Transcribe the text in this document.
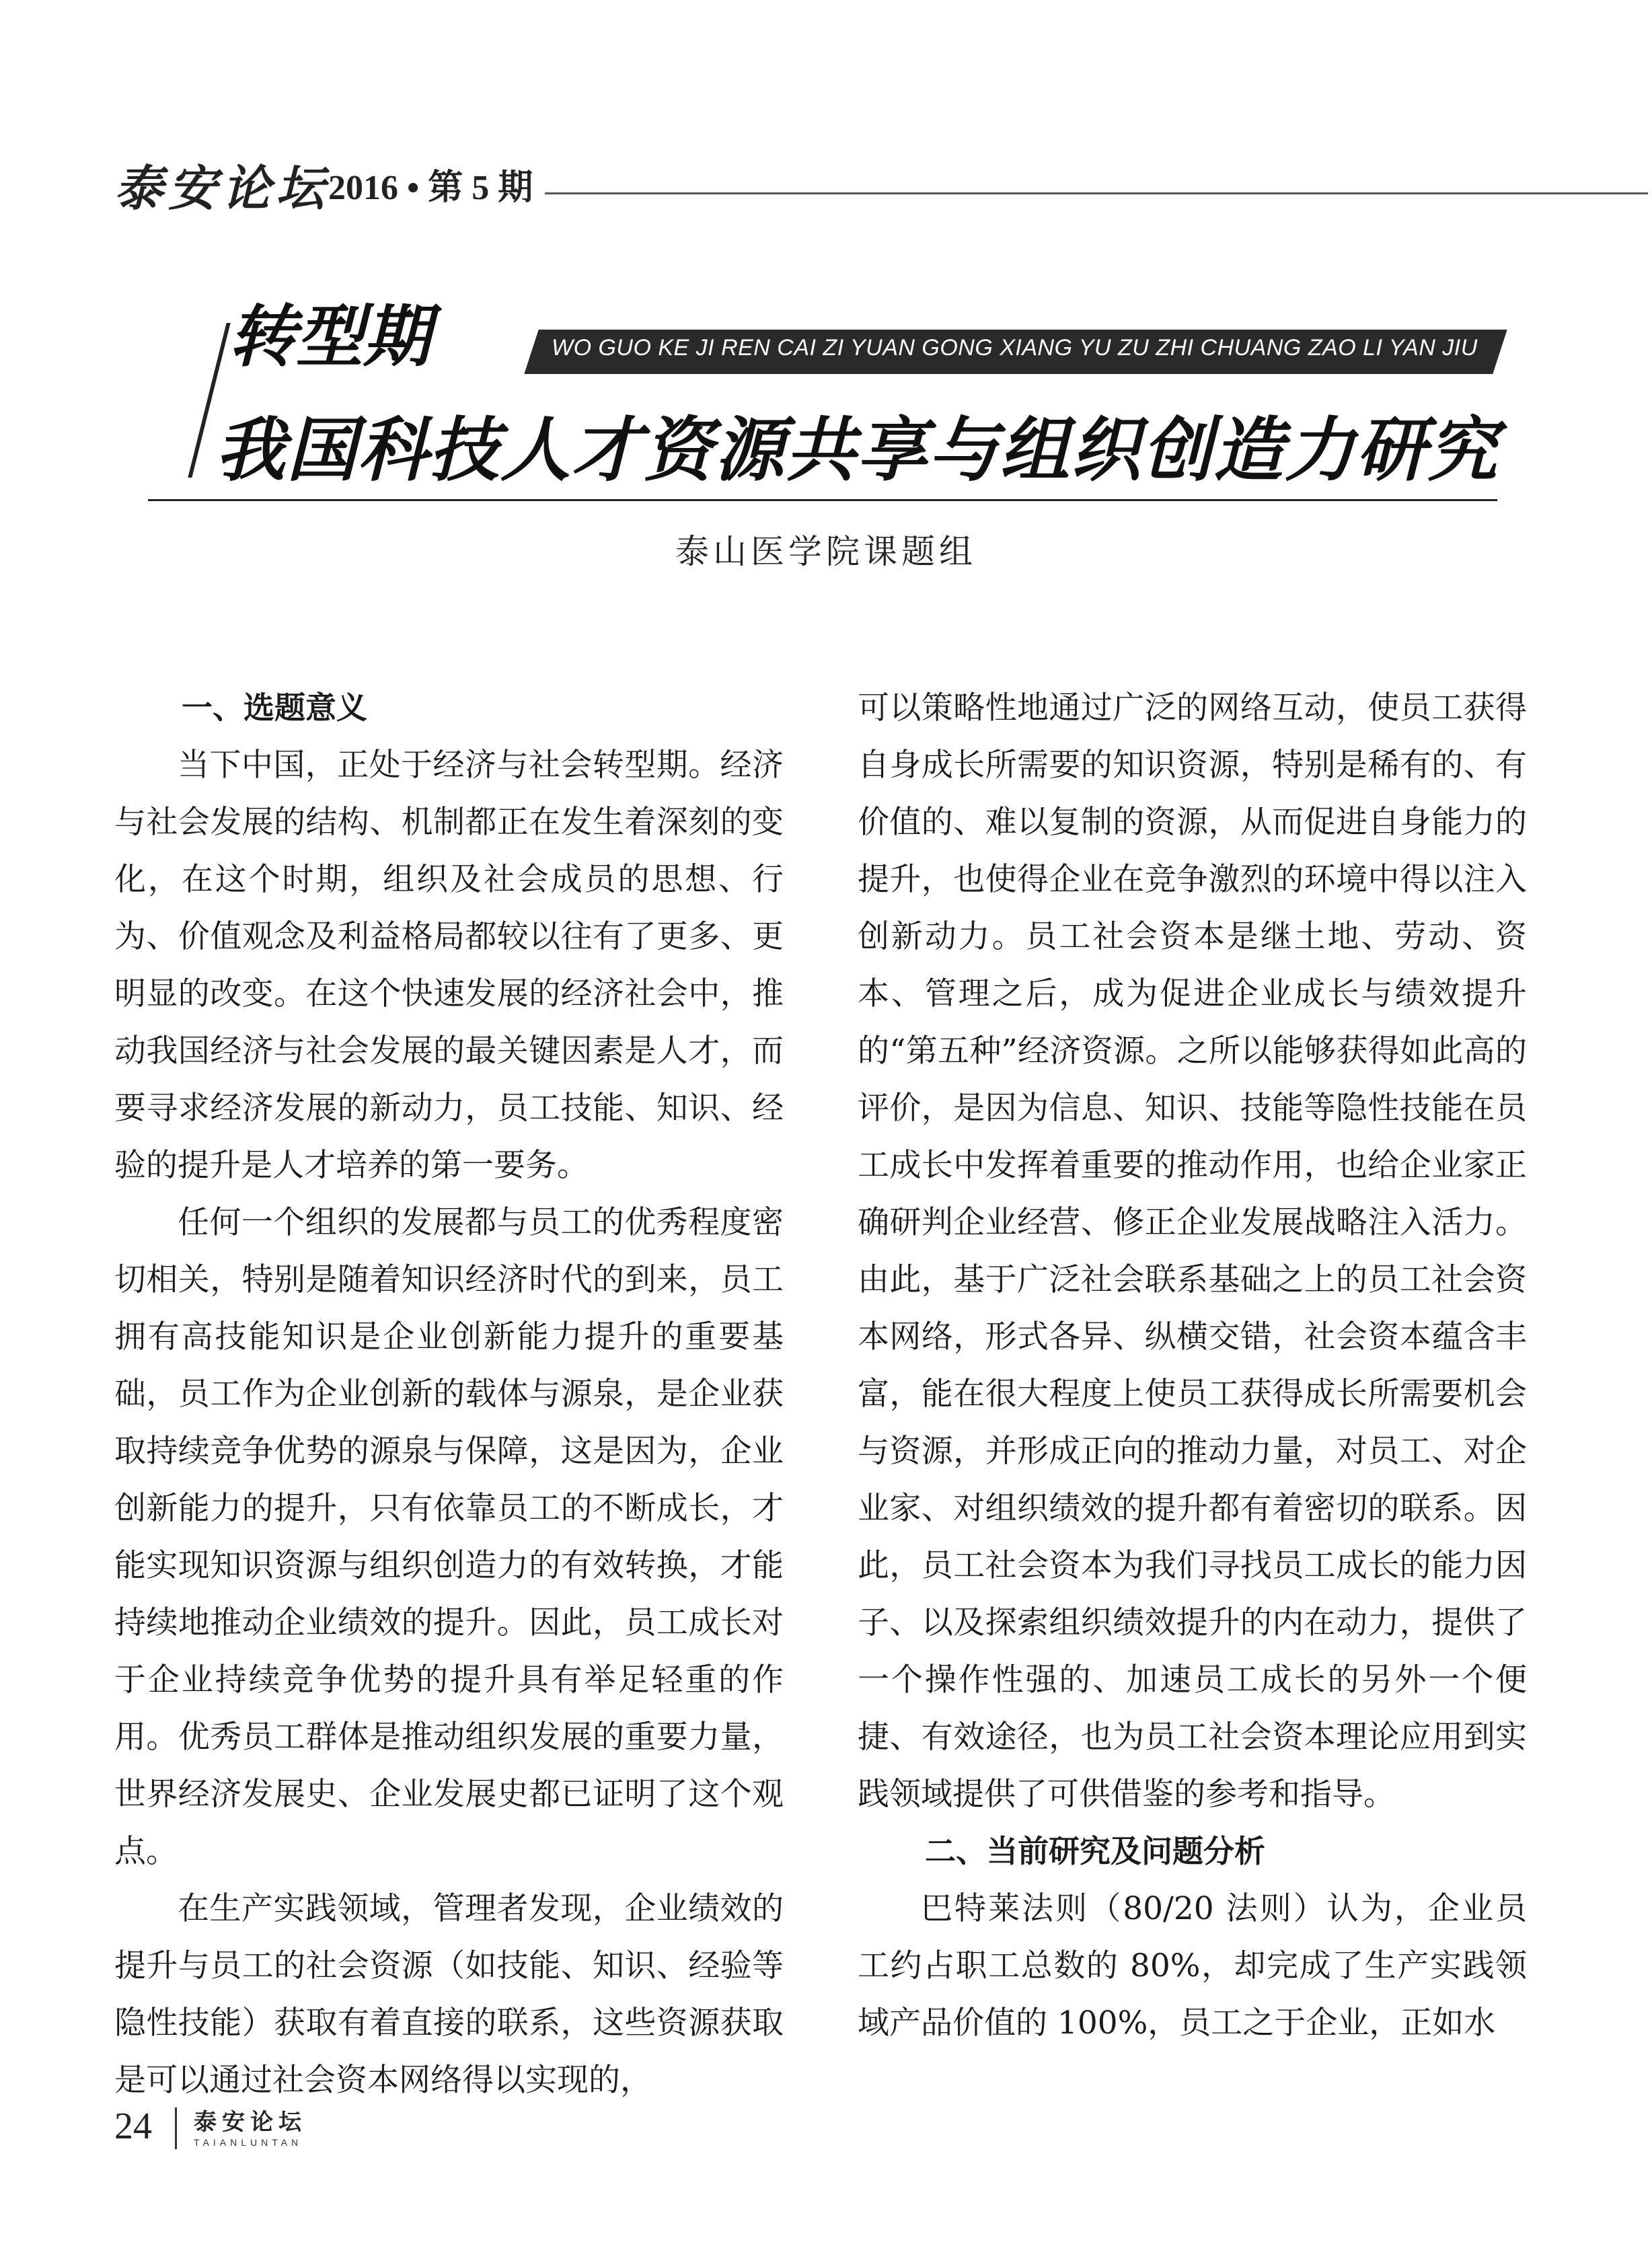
泰安论坛
2016 • 第 5 期
转型期	WO GUO KE JI REN CAI ZI YUAN GONG XIANG YU ZU ZHI CHUANG ZAO LI YAN JIU
我国科技人才资源共享与组织创造力研究
泰山医学院课题组
一、选题意义

当下中国，正处于经济与社会转型期。经济与社会发展的结构、机制都正在发生着深刻的变化，在这个时期，组织及社会成员的思想、行为、价值观念及利益格局都较以往有了更多、更明显的改变。在这个快速发展的经济社会中，推动我国经济与社会发展的最关键因素是人才，而要寻求经济发展的新动力，员工技能、知识、经验的提升是人才培养的第一要务。

任何一个组织的发展都与员工的优秀程度密切相关，特别是随着知识经济时代的到来，员工拥有高技能知识是企业创新能力提升的重要基础，员工作为企业创新的载体与源泉，是企业获取持续竞争优势的源泉与保障，这是因为，企业创新能力的提升，只有依靠员工的不断成长，才能实现知识资源与组织创造力的有效转换，才能持续地推动企业绩效的提升。因此，员工成长对于企业持续竞争优势的提升具有举足轻重的作用。优秀员工群体是推动组织发展的重要力量，世界经济发展史、企业发展史都已证明了这个观点。

在生产实践领域，管理者发现，企业绩效的提升与员工的社会资源（如技能、知识、经验等隐性技能）获取有着直接的联系，这些资源获取是可以通过社会资本网络得以实现的，

可以策略性地通过广泛的网络互动，使员工获得自身成长所需要的知识资源，特别是稀有的、有价值的、难以复制的资源，从而促进自身能力的提升，也使得企业在竞争激烈的环境中得以注入创新动力。员工社会资本是继土地、劳动、资本、管理之后，成为促进企业成长与绩效提升的“第五种”经济资源。之所以能够获得如此高的评价，是因为信息、知识、技能等隐性技能在员工成长中发挥着重要的推动作用，也给企业家正确研判企业经营、修正企业发展战略注入活力。由此，基于广泛社会联系基础之上的员工社会资本网络，形式各异、纵横交错，社会资本蕴含丰富，能在很大程度上使员工获得成长所需要机会与资源，并形成正向的推动力量，对员工、对企业家、对组织绩效的提升都有着密切的联系。因此，员工社会资本为我们寻找员工成长的能力因子、以及探索组织绩效提升的内在动力，提供了一个操作性强的、加速员工成长的另外一个便捷、有效途径，也为员工社会资本理论应用到实践领域提供了可供借鉴的参考和指导。

二、当前研究及问题分析

巴特莱法则（80/20 法则）认为，企业员工约占职工总数的 80%，却完成了生产实践领域产品价值的 100%，员工之于企业，正如水

24 泰安论坛
TAIANLUNTAN
